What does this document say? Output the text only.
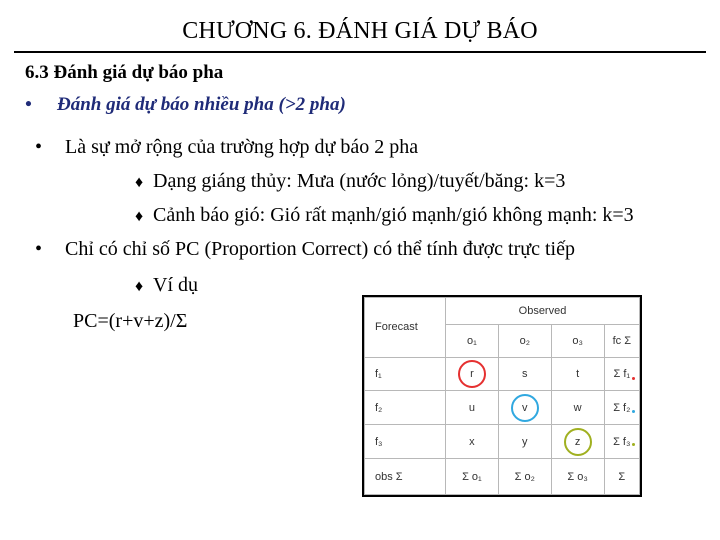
CHƯƠNG 6. ĐÁNH GIÁ DỰ BÁO
6.3 Đánh giá dự báo pha
• Đánh giá dự báo nhiều pha (>2 pha)
• Là sự mở rộng của trường hợp dự báo 2 pha
♦ Dạng giáng thủy: Mưa (nước lỏng)/tuyết/băng: k=3
♦ Cảnh báo gió: Gió rất mạnh/gió mạnh/gió không mạnh: k=3
• Chỉ có chỉ số PC (Proportion Correct) có thể tính được trực tiếp
♦ Ví dụ
PC=(r+v+z)/Σ	Forecast	Observed			
	o₁	o₂	o₃	fc Σ
f₁	r	s	t	Σ f₁
f₂	u	v	w	Σ f₂
f₃	x	y	z	Σ f₃
obs Σ	Σ o₁	Σ o₂	Σ o₃	Σ
